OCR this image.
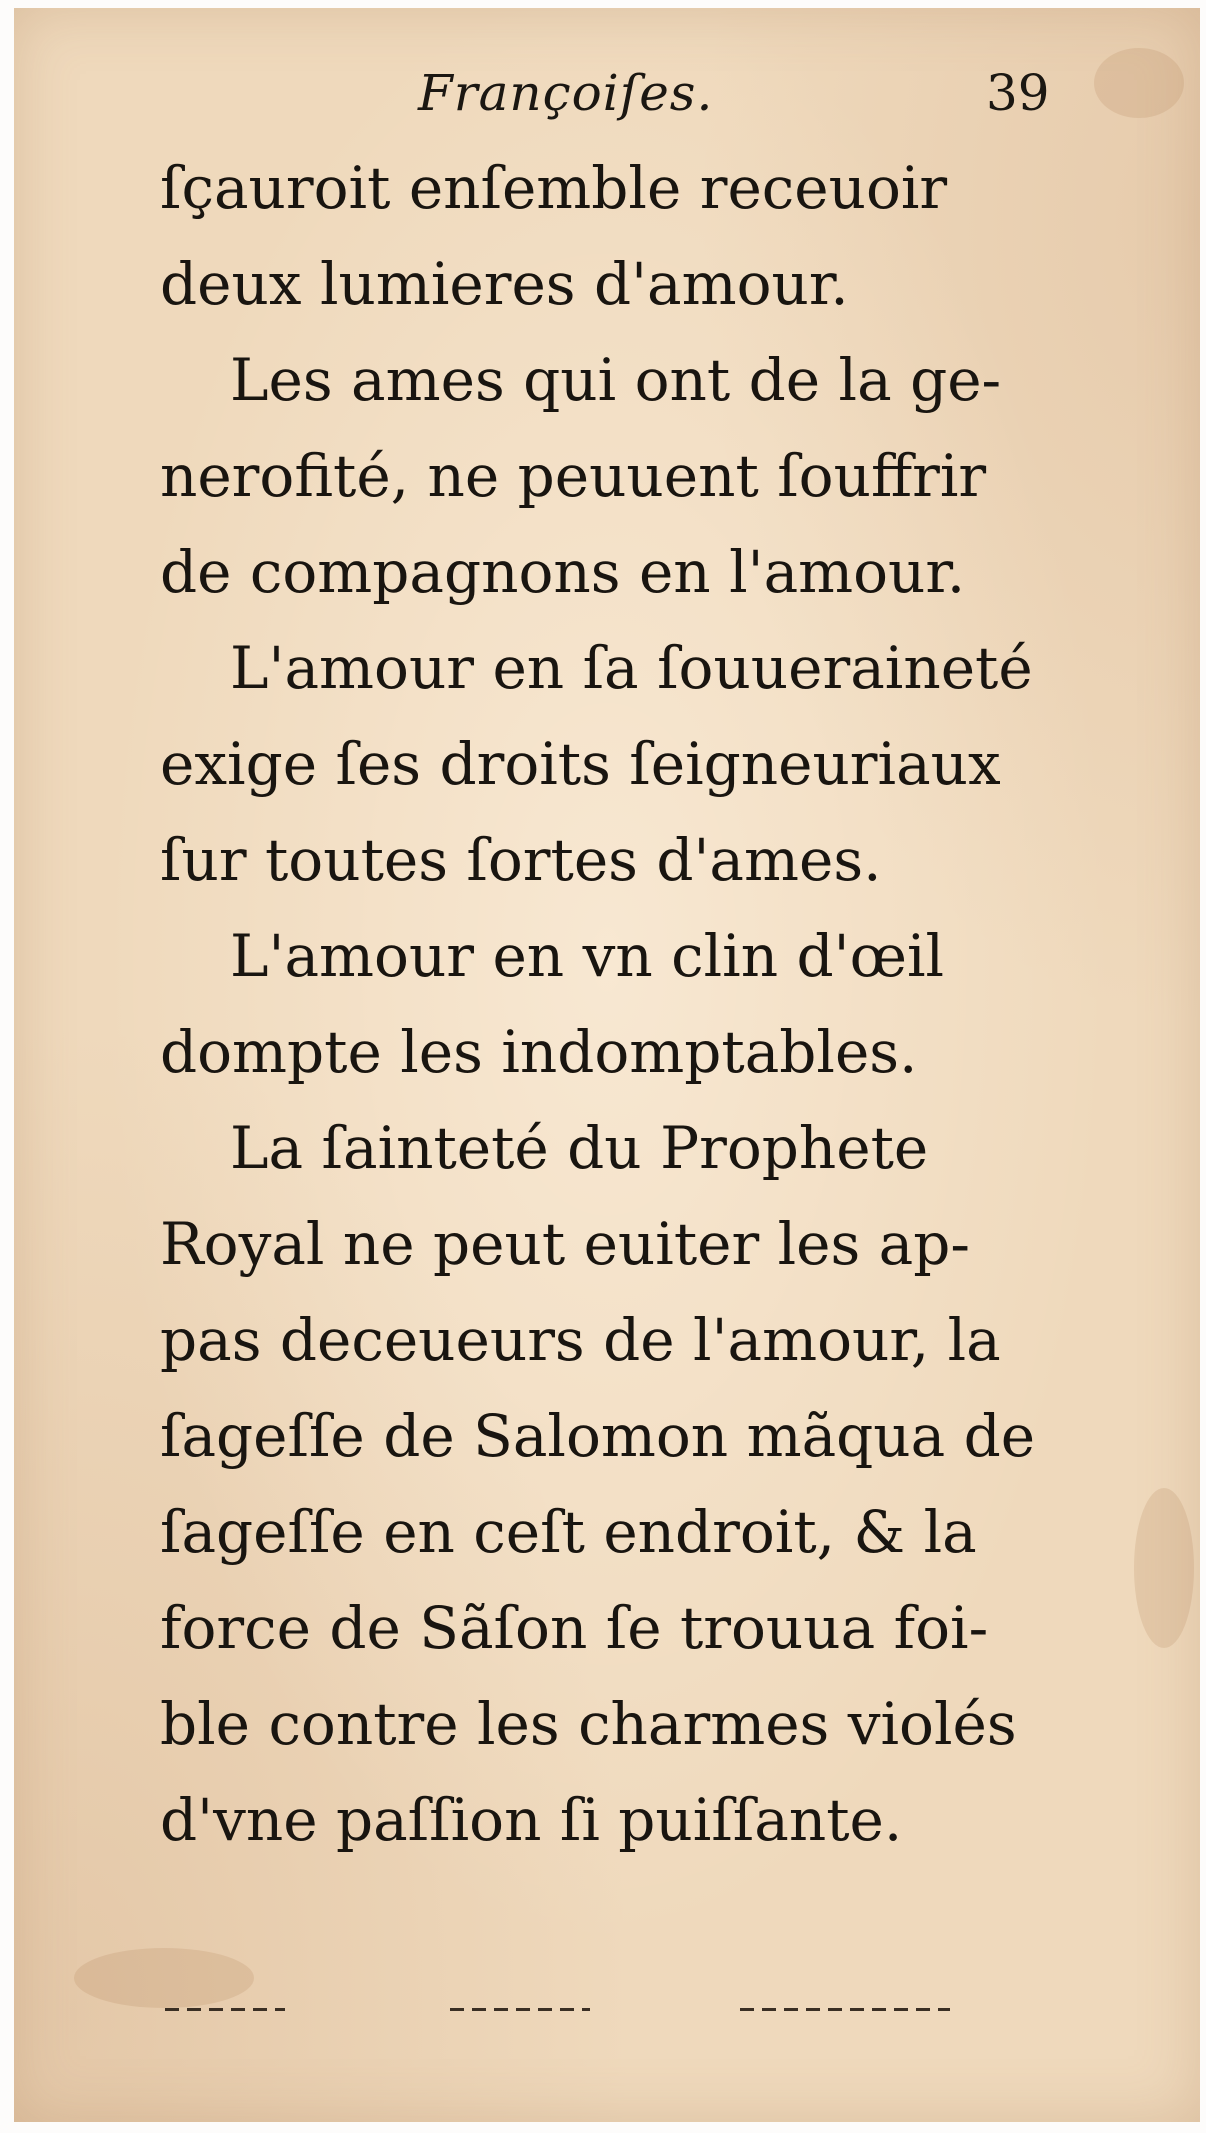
Françoiſes.	39
ſçauroit enſemble receuoir
deux lumieres d'amour.
Les ames qui ont de la ge-
nerofité, ne peuuent ſouffrir
de compagnons en l'amour.
L'amour en ſa ſouueraineté
exige ſes droits ſeigneuriaux
ſur toutes ſortes d'ames.
L'amour en vn clin d'œil
dompte les indomptables.
La ſainteté du Prophete
Royal ne peut euiter les ap-
pas deceueurs de l'amour, la
ſageſſe de Salomon mãqua de
ſageſſe en ceſt endroit, & la
force de Sãſon ſe trouua foi-
ble contre les charmes violés
d'vne paſſion ſi puiſſante.
